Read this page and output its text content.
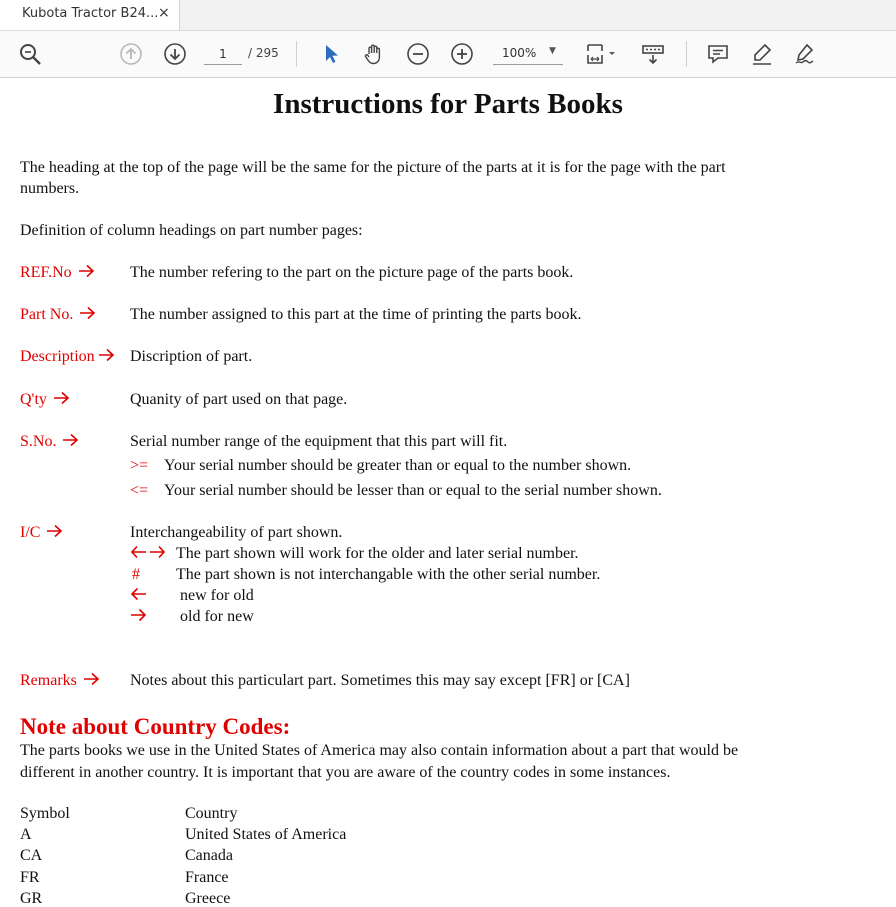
Kubota Tractor B24... ×
1
/ 295	100% ▼
Instructions for Parts Books
The heading at the top of the page will be the same for the picture of the parts at it is for the page with the part
numbers.
Definition of column headings on part number pages:
REF.No	The number refering to the part on the picture page of the parts book.
Part No.	The number assigned to this part at the time of printing the parts book.
Description	Discription of part.
Q'ty	Quanity of part used on that page.
S.No.	Serial number range of the equipment that this part will fit.
>= Your serial number should be greater than or equal to the number shown.
<= Your serial number should be lesser than or equal to the serial number shown.
I/C	Interchangeability of part shown.
The part shown will work for the older and later serial number.
# The part shown is not interchangable with the other serial number.
new for old
old for new
Remarks	Notes about this particulart part. Sometimes this may say except [FR] or [CA]
Note about Country Codes:
The parts books we use in the United States of America may also contain information about a part that would be
different in another country. It is important that you are aware of the country codes in some instances.
Symbol	Country
A	United States of America
CA	Canada
FR	France
GR	Greece
